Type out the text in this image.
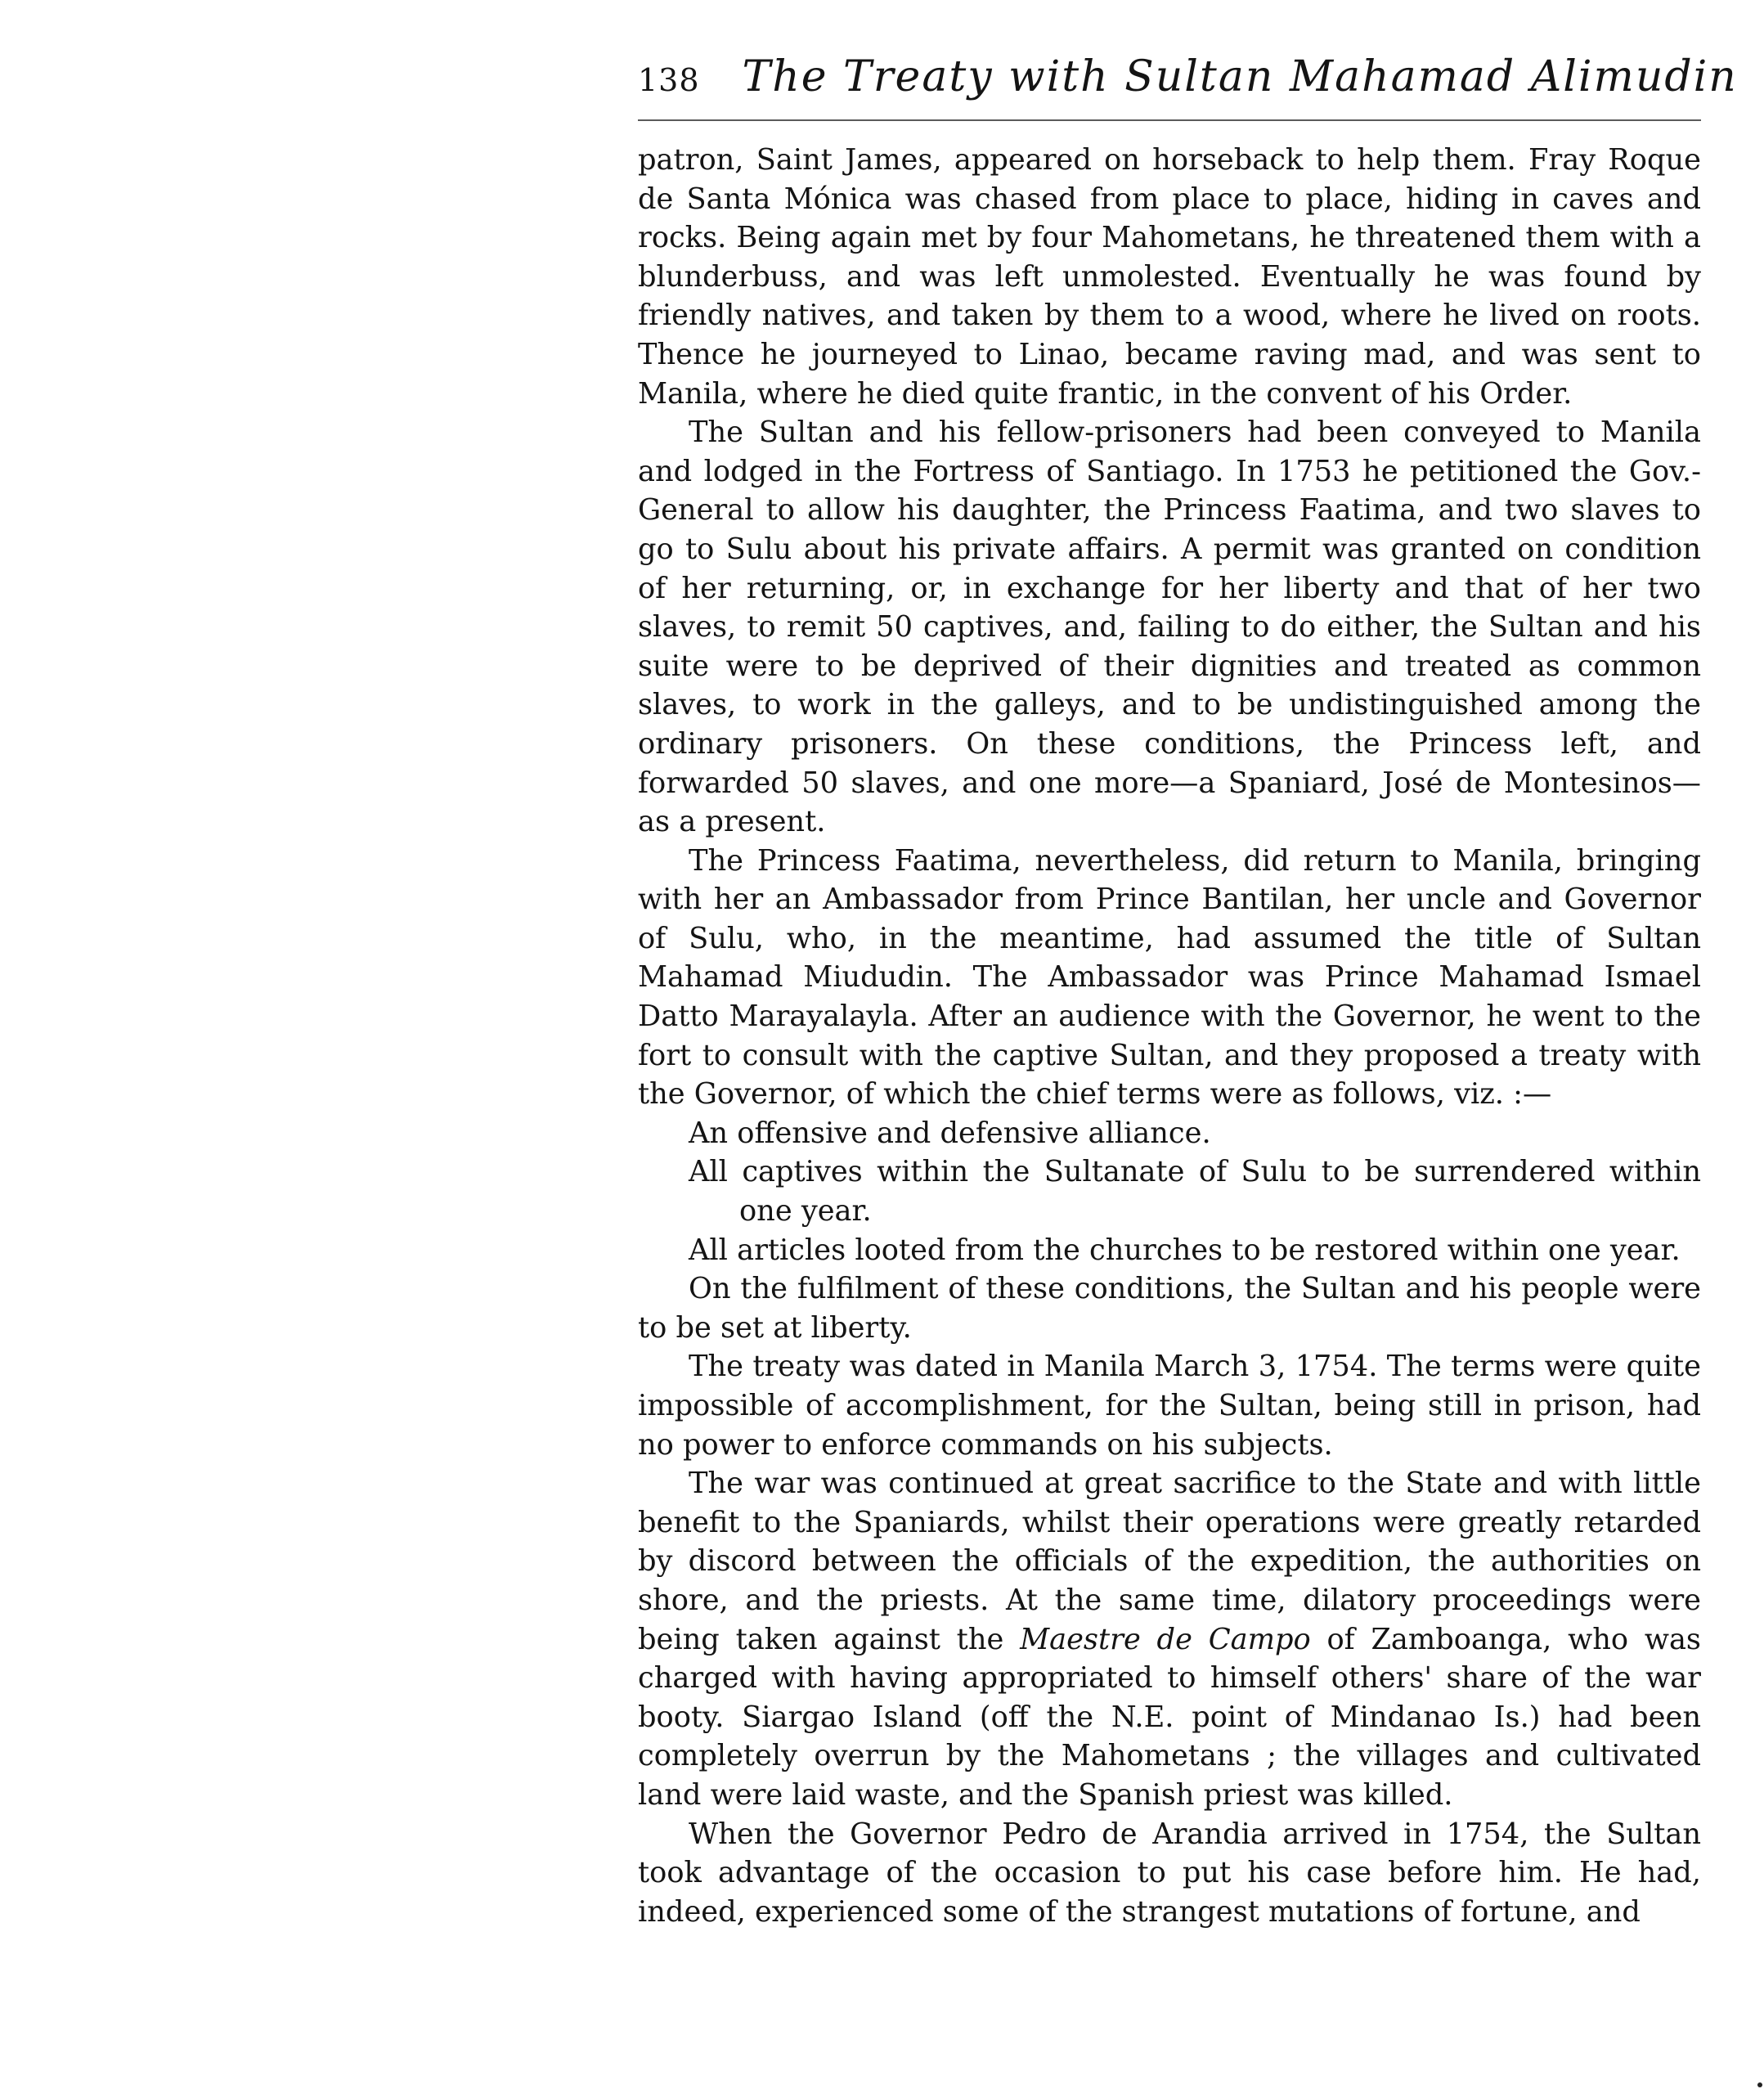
138 The Treaty with Sultan Mahamad Alimudin

patron, Saint James, appeared on horseback to help them. Fray Roque de Santa Mónica was chased from place to place, hiding in caves and rocks. Being again met by four Mahometans, he threatened them with a blunderbuss, and was left unmolested. Eventually he was found by friendly natives, and taken by them to a wood, where he lived on roots. Thence he journeyed to Linao, became raving mad, and was sent to Manila, where he died quite frantic, in the convent of his Order.

The Sultan and his fellow-prisoners had been conveyed to Manila and lodged in the Fortress of Santiago. In 1753 he petitioned the Gov.-General to allow his daughter, the Princess Faatima, and two slaves to go to Sulu about his private affairs. A permit was granted on condition of her returning, or, in exchange for her liberty and that of her two slaves, to remit 50 captives, and, failing to do either, the Sultan and his suite were to be deprived of their dignities and treated as common slaves, to work in the galleys, and to be undistinguished among the ordinary prisoners. On these conditions, the Princess left, and forwarded 50 slaves, and one more—a Spaniard, José de Montesinos—as a present.

The Princess Faatima, nevertheless, did return to Manila, bringing with her an Ambassador from Prince Bantilan, her uncle and Governor of Sulu, who, in the meantime, had assumed the title of Sultan Mahamad Miududin. The Ambassador was Prince Mahamad Ismael Datto Marayalayla. After an audience with the Governor, he went to the fort to consult with the captive Sultan, and they proposed a treaty with the Governor, of which the chief terms were as follows, viz. :—

An offensive and defensive alliance.

All captives within the Sultanate of Sulu to be surrendered within one year.

All articles looted from the churches to be restored within one year.

On the fulfilment of these conditions, the Sultan and his people were to be set at liberty.

The treaty was dated in Manila March 3, 1754. The terms were quite impossible of accomplishment, for the Sultan, being still in prison, had no power to enforce commands on his subjects.

The war was continued at great sacrifice to the State and with little benefit to the Spaniards, whilst their operations were greatly retarded by discord between the officials of the expedition, the authorities on shore, and the priests. At the same time, dilatory proceedings were being taken against the Maestre de Campo of Zamboanga, who was charged with having appropriated to himself others' share of the war booty. Siargao Island (off the N.E. point of Mindanao Is.) had been completely overrun by the Mahometans ; the villages and cultivated land were laid waste, and the Spanish priest was killed.

When the Governor Pedro de Arandia arrived in 1754, the Sultan took advantage of the occasion to put his case before him. He had, indeed, experienced some of the strangest mutations of fortune, and
